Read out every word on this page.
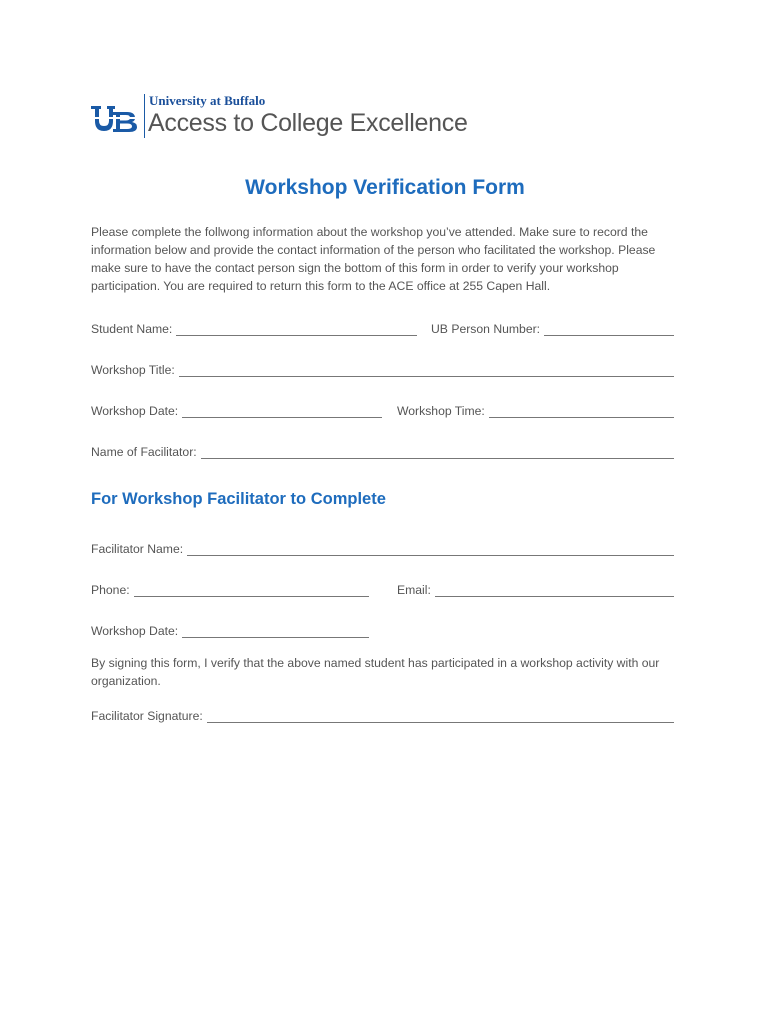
University at Buffalo
Access to College Excellence
Workshop Verification Form
Please complete the follwong information about the workshop you’ve attended. Make sure to record the information below and provide the contact information of the person who facilitated the workshop. Please make sure to have the contact person sign the bottom of this form in order to verify your workshop participation. You are required to return this form to the ACE office at 255 Capen Hall.
Student Name:	UB Person Number:
Workshop Title:
Workshop Date:	Workshop Time:
Name of Facilitator:
For Workshop Facilitator to Complete
Facilitator Name:
Phone:	Email:
Workshop Date:
By signing this form, I verify that the above named student has participated in a workshop activity with our organization.
Facilitator Signature:
